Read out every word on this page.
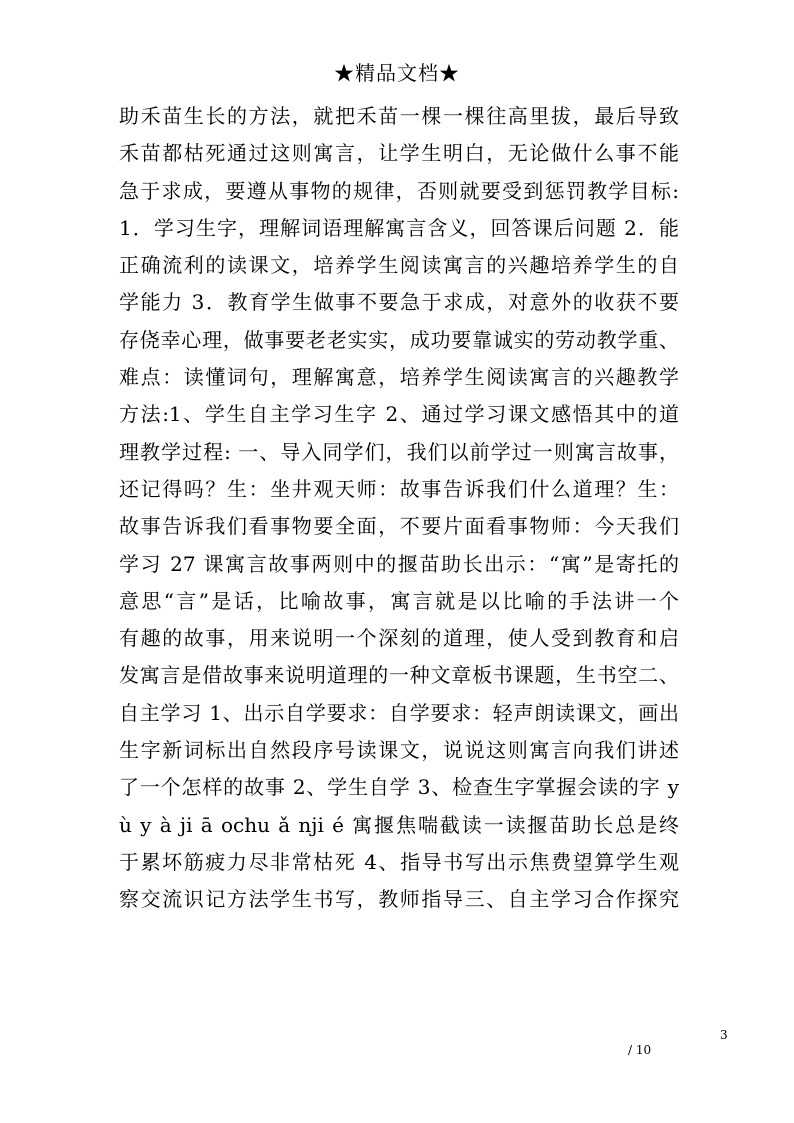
★精品文档★
助禾苗生长的方法，就把禾苗一棵一棵往高里拔，最后导致
禾苗都枯死通过这则寓言，让学生明白，无论做什么事不能
急于求成，要遵从事物的规律，否则就要受到惩罚教学目标:
1．学习生字，理解词语理解寓言含义，回答课后问题 2．能
正确流利的读课文，培养学生阅读寓言的兴趣培养学生的自
学能力 3．教育学生做事不要急于求成，对意外的收获不要
存侥幸心理，做事要老老实实，成功要靠诚实的劳动教学重、
难点：读懂词句，理解寓意，培养学生阅读寓言的兴趣教学
方法:1、学生自主学习生字 2、通过学习课文感悟其中的道
理教学过程: 一、导入同学们，我们以前学过一则寓言故事，
还记得吗？生：坐井观天师：故事告诉我们什么道理？生：
故事告诉我们看事物要全面，不要片面看事物师：今天我们
学习 27 课寓言故事两则中的揠苗助长出示：“寓”是寄托的
意思“言”是话，比喻故事，寓言就是以比喻的手法讲一个
有趣的故事，用来说明一个深刻的道理，使人受到教育和启
发寓言是借故事来说明道理的一种文章板书课题，生书空二、
自主学习 1、出示自学要求：自学要求：轻声朗读课文，画出
生字新词标出自然段序号读课文，说说这则寓言向我们讲述
了一个怎样的故事 2、学生自学 3、检查生字掌握会读的字 y
ù y à ji ā ochu ǎ nji é 寓揠焦喘截读一读揠苗助长总是终
于累坏筋疲力尽非常枯死 4、指导书写出示焦费望算学生观
察交流识记方法学生书写，教师指导三、自主学习合作探究
3
/ 10
